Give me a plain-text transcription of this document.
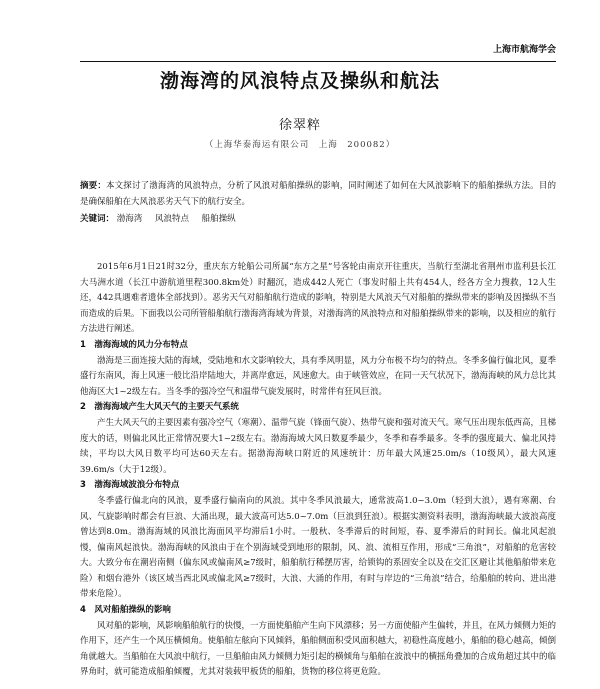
上海市航海学会
渤海湾的风浪特点及操纵和航法
徐翠粹
（上海华泰海运有限公司　上海　200082）
摘要：本文探讨了渤海湾的风浪特点，分析了风浪对船舶操纵的影响，同时阐述了如何在大风浪影响下的船舶操纵方法。目的是确保船舶在大风浪恶劣天气下的航行安全。
关键词： 渤海湾 风浪特点 船舶操纵

2015年6月1日21时32分，重庆东方轮船公司所属“东方之星”号客轮由南京开往重庆，当航行至湖北省荆州市监利县长江大马洲水道（长江中游航道里程300.8km处）时翻沉，造成442人死亡（事发时船上共有454人，经各方全力搜救，12人生还，442具遇难者遗体全部找到）。恶劣天气对船舶航行造成的影响，特别是大风浪天气对船舶的操纵带来的影响及因操纵不当而造成的后果。下面我以公司所管船舶航行渤海湾海域为背景，对渤海湾的风浪特点和对船舶操纵带来的影响，以及相应的航行方法进行阐述。

1　渤海海域的风力分布特点

渤海是三面连接大陆的海域，受陆地和水文影响较大，具有季风明显，风力分布极不均匀的特点。冬季多偏行偏北风，夏季盛行东南风，海上风速一般比沿岸陆地大，并离岸愈远，风速愈大。由于峡管效应，在同一天气状况下，渤海海峡的风力总比其他海区大1~2级左右。当冬季的强冷空气和温带气旋发展时，时常伴有狂风巨浪。

2　渤海海域产生大风天气的主要天气系统

产生大风天气的主要因素有强冷空气（寒潮）、温带气旋（锋面气旋）、热带气旋和强对流天气。寒气压出现东低西高，且梯度大的话，则偏北风比正常情况要大1~2级左右。渤海海域大风日数夏季最少，冬季和春季最多。冬季的强度最大、偏北风持续，平均以大风日数平均可达60天左右。据渤海海峡口附近的风速统计：历年最大风速25.0m/s（10级风），最大风速39.6m/s（大于12级）。

3　渤海海域波浪分布特点

冬季盛行偏北向的风浪，夏季盛行偏南向的风浪。其中冬季风浪最大，通常波高1.0~3.0m（轻到大浪），遇有寒潮、台风、气旋影响时都会有巨浪、大涌出现，最大波高可达5.0~7.0m（巨浪到狂浪）。根据实测资料表明，渤海海峡最大波浪高度曾达到8.0m。渤海海域的风浪比海面风平均滞后1小时。一般秋、冬季滞后的时间短，春、夏季滞后的时间长。偏北风起浪慢，偏南风起浪快。渤海海峡的风浪由于在个别海域受到地形的限制，风、浪、流相互作用，形成“三角浪”，对船舶的危害较大。大致分布在潮岩南侧（偏东风或偏南风≥7级时，船舶航行稀摆厉害，给锁钩的系固安全以及在交汇区避让其他船舶带来危险）和烟台港外（该区域当西北风或偏北风≥7级时，大浪、大涌的作用，有时与岸边的“三角浪”结合，给船舶的转向、进出港带来危险）。

4　风对船舶操纵的影响

风对船的影响，风影响船舶航行的快慢，一方面使船舶产生向下风漂移；另一方面使船产生偏转，并且，在风力倾侧力矩的作用下，还产生一个风压横倾角。使船舶左舷向下风倾斜，船舶侧面积受风面积越大，初稳性高度越小，船舶的稳心越高，倾倒角就越大。当船舶在大风浪中航行，一旦船舶由风力倾侧力矩引起的横倾角与船舶在波浪中的横摇角叠加的合成角超过其中的临界角时，就可能造成船舶倾覆，尤其对装载甲板货的船舶，货物的移位将更危险。
